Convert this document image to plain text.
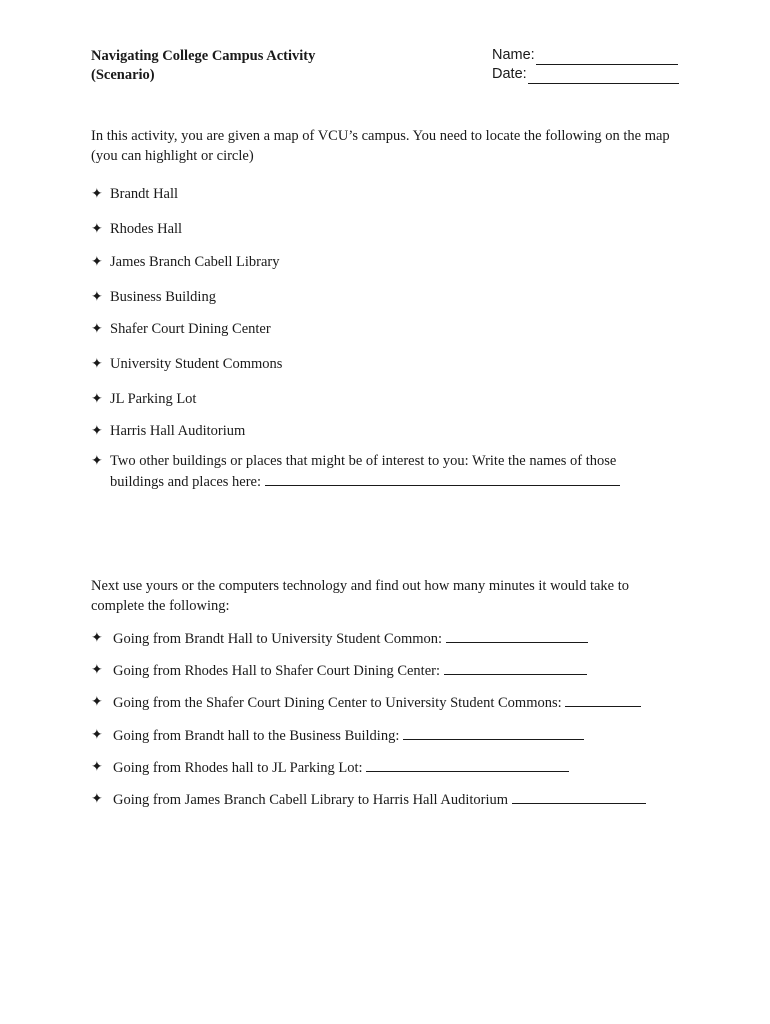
Navigating College Campus Activity
(Scenario)
Name:
Date:
In this activity, you are given a map of VCU’s campus. You need to locate the following on the map (you can highlight or circle)
✦ Brandt Hall
✦ Rhodes Hall
✦ James Branch Cabell Library
✦ Business Building
✦ Shafer Court Dining Center
✦ University Student Commons
✦ JL Parking Lot
✦ Harris Hall Auditorium
✦ Two other buildings or places that might be of interest to you: Write the names of those
buildings and places here:
Next use yours or the computers technology and find out how many minutes it would take to complete the following:
✦ Going from Brandt Hall to University Student Common:
✦ Going from Rhodes Hall to Shafer Court Dining Center:
✦ Going from the Shafer Court Dining Center to University Student Commons:
✦ Going from Brandt hall to the Business Building:
✦ Going from Rhodes hall to JL Parking Lot:
✦ Going from James Branch Cabell Library to Harris Hall Auditorium
